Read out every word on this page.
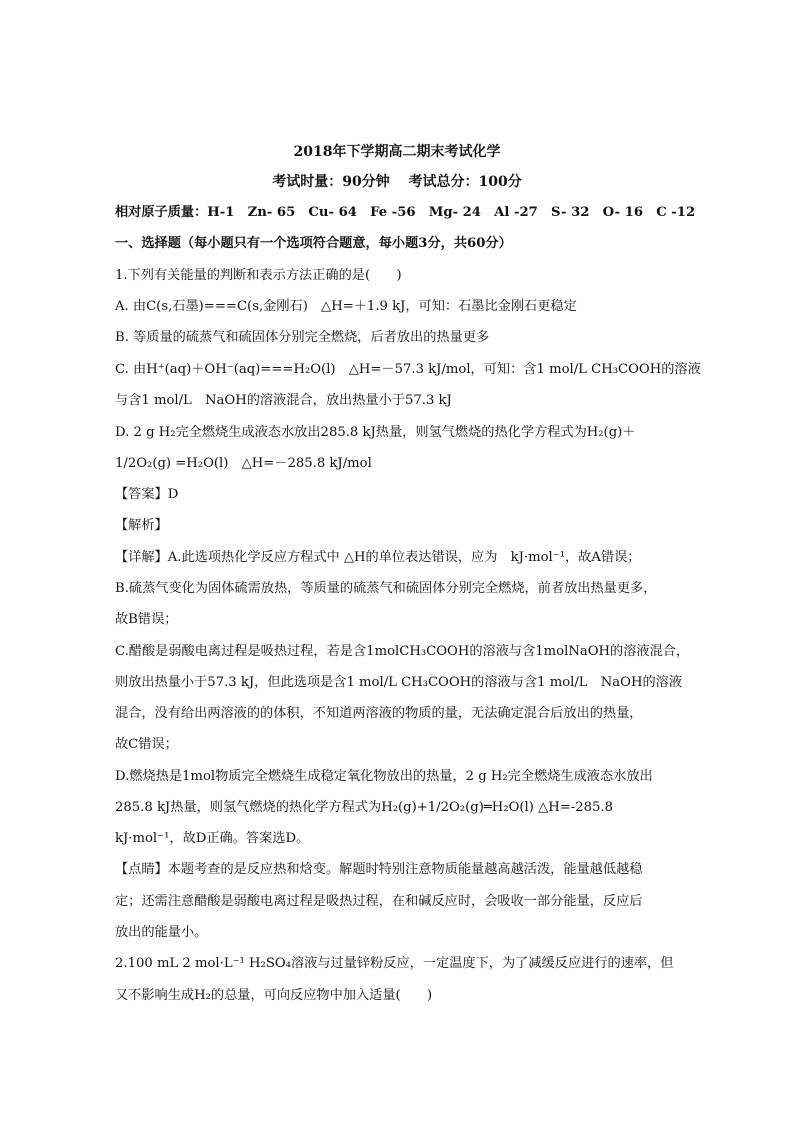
2018年下学期高二期末考试化学
考试时量：90分钟　 考试总分：100分
相对原子质量：H-1　Zn- 65　Cu- 64　Fe -56　Mg- 24　Al -27　S- 32　O- 16　C -12
一、选择题（每小题只有一个选项符合题意，每小题3分，共60分）
1.下列有关能量的判断和表示方法正确的是(　　)
A. 由C(s,石墨)===C(s,金刚石)　△H=＋1.9 kJ，可知：石墨比金刚石更稳定
B. 等质量的硫蒸气和硫固体分别完全燃烧，后者放出的热量更多
C. 由H⁺(aq)＋OH⁻(aq)===H₂O(l)　△H=－57.3 kJ/mol，可知：含1 mol/L CH₃COOH的溶液
与含1 mol/L　NaOH的溶液混合，放出热量小于57.3 kJ
D. 2 g H₂完全燃烧生成液态水放出285.8 kJ热量，则氢气燃烧的热化学方程式为H₂(g)＋
1/2O₂(g) =H₂O(l)　△H=－285.8 kJ/mol
【答案】D
【解析】
【详解】A.此选项热化学反应方程式中 △H的单位表达错误，应为　kJ·mol⁻¹，故A错误；
B.硫蒸气变化为固体硫需放热，等质量的硫蒸气和硫固体分别完全燃烧，前者放出热量更多，
故B错误；
C.醋酸是弱酸电离过程是吸热过程，若是含1molCH₃COOH的溶液与含1molNaOH的溶液混合，
则放出热量小于57.3 kJ，但此选项是含1 mol/L CH₃COOH的溶液与含1 mol/L　NaOH的溶液
混合，没有给出两溶液的的体积，不知道两溶液的物质的量，无法确定混合后放出的热量，
故C错误；
D.燃烧热是1mol物质完全燃烧生成稳定氧化物放出的热量，2 g H₂完全燃烧生成液态水放出
285.8 kJ热量，则氢气燃烧的热化学方程式为H₂(g)+1/2O₂(g)═H₂O(l) △H=-285.8
kJ·mol⁻¹，故D正确。答案选D。
【点睛】本题考查的是反应热和焓变。解题时特别注意物质能量越高越活泼，能量越低越稳
定；还需注意醋酸是弱酸电离过程是吸热过程，在和碱反应时，会吸收一部分能量，反应后
放出的能量小。
2.100 mL 2 mol·L⁻¹ H₂SO₄溶液与过量锌粉反应，一定温度下，为了减缓反应进行的速率，但
又不影响生成H₂的总量，可向反应物中加入适量(　　)
